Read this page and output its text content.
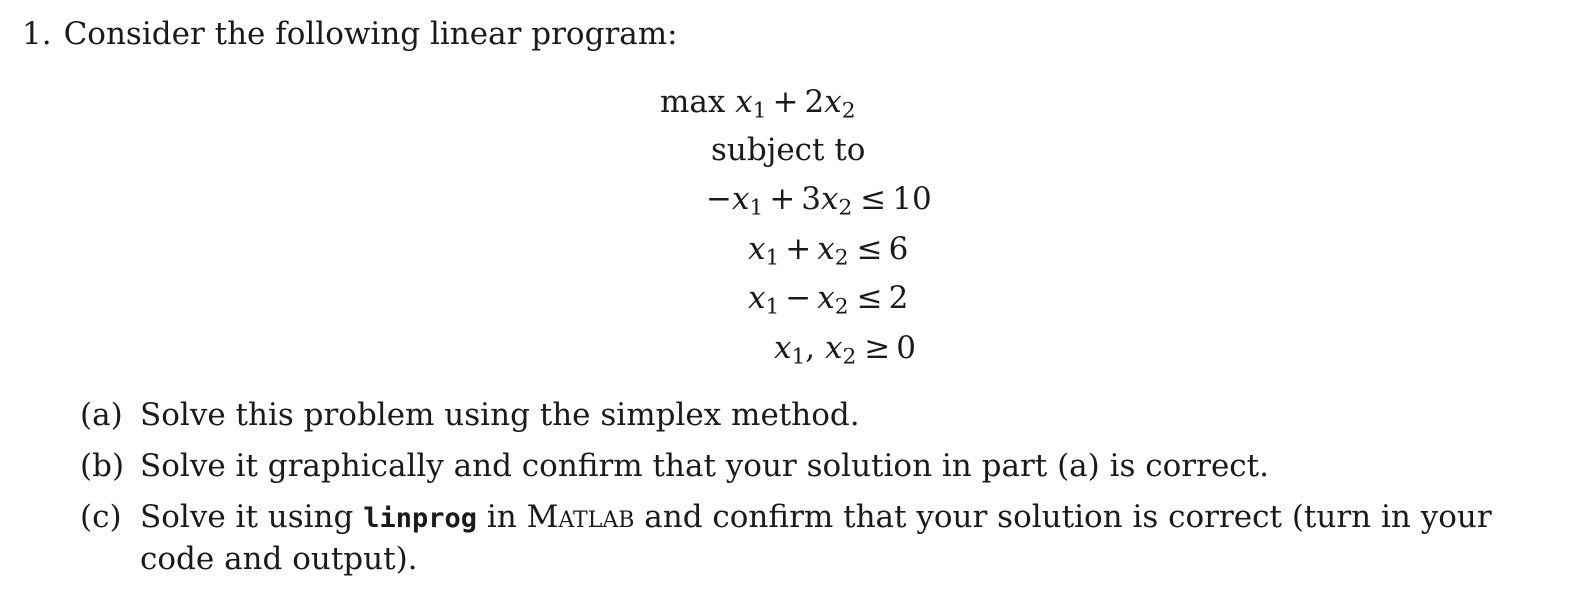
1. Consider the following linear program:
$\max x_1 + 2x_2$
subject to
$-x_1 + 3x_2 \le 10$
$x_1 + x_2 \le 6$
$x_1 - x_2 \le 2$
$x_1$, $x_2 \ge 0$
(a) Solve this problem using the simplex method.
(b) Solve it graphically and confirm that your solution in part (a) is correct.
(c) Solve it using linprog in Matlab and confirm that your solution is correct (turn in your code and output).
